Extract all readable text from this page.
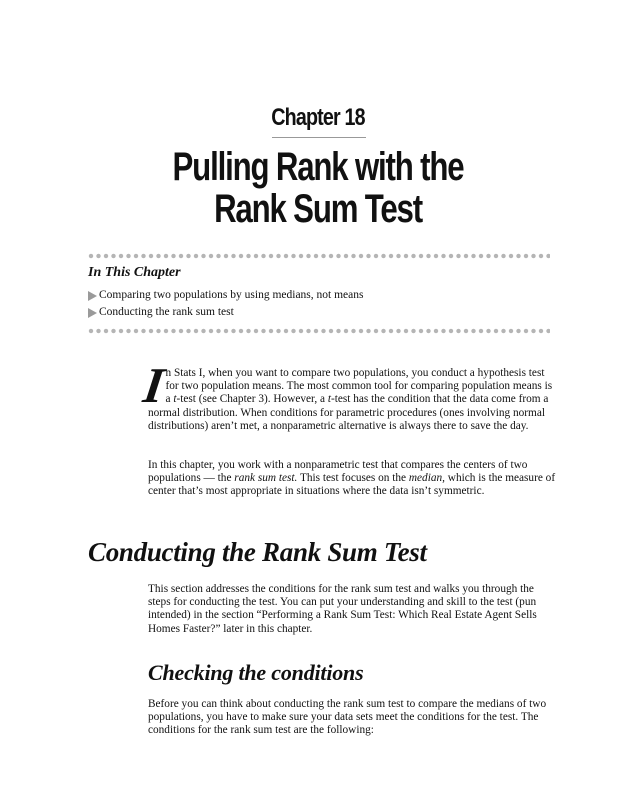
Chapter 18
Pulling Rank with the
Rank Sum Test
In This Chapter
Comparing two populations by using medians, not means
Conducting the rank sum test

I
n Stats I, when you want to compare two populations, you conduct a hypothesis test for two population means. The most common tool for comparing population means is a t-test (see Chapter 3). However, a t-test has the condition that the data come from a normal distribution. When conditions for parametric procedures (ones involving normal distributions) aren’t met, a nonparametric alternative is always there to save the day.

In this chapter, you work with a nonparametric test that compares the centers of two populations — the rank sum test. This test focuses on the median, which is the measure of center that’s most appropriate in situations where the data isn’t symmetric.

Conducting the Rank Sum Test

This section addresses the conditions for the rank sum test and walks you through the steps for conducting the test. You can put your understanding and skill to the test (pun intended) in the section “Performing a Rank Sum Test: Which Real Estate Agent Sells Homes Faster?” later in this chapter.

Checking the conditions

Before you can think about conducting the rank sum test to compare the medians of two populations, you have to make sure your data sets meet the conditions for the test. The conditions for the rank sum test are the following:
